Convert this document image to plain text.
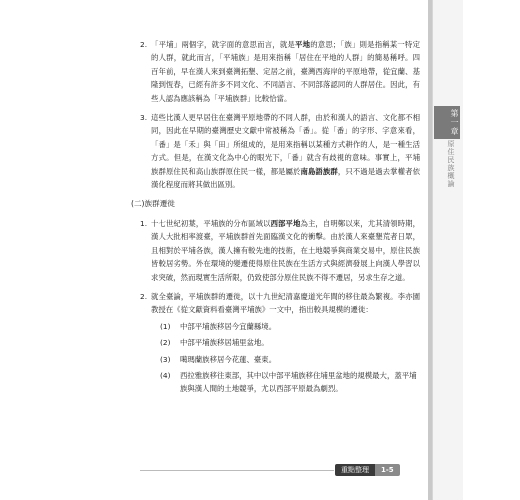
第一章
原住民族概論
2. 「平埔」兩個字，就字面的意思而言，就是平地的意思；「族」則是指稱某一特定的人群，就此而言，「平埔族」是用來指稱「居住在平地的人群」的簡易稱呼。四百年前，早在漢人來到臺灣拓墾、定居之前，臺灣西海岸的平原地帶，從宜蘭、基隆到恆春，已經有許多不同文化、不同語言、不同部落認同的人群居住。因此，有些人認為應該稱為「平埔族群」比較恰當。

3. 這些比漢人更早居住在臺灣平原地帶的不同人群，由於和漢人的語言、文化都不相同，因此在早期的臺灣歷史文獻中常被稱為「番」。從「番」的字形、字意來看，「番」是「禾」與「田」所組成的，是用來指稱以某種方式耕作的人，是一種生活方式。但是，在漢文化為中心的眼光下，「番」就含有歧視的意味。事實上，平埔族群原住民和高山族群原住民一樣，都是屬於南島語族群，只不過是過去掌權者依漢化程度而將其做出區別。

(二)族群遷徙
1. 十七世紀初葉，平埔族的分布區域以西部平地為主，自明鄭以來，尤其清領時期，漢人大批相率渡臺，平埔族群首先面臨漢文化的衝擊。由於漢人來臺墾荒者日眾，且相對於平埔各族，漢人擁有較先進的技術，在土地競爭與商業交易中，原住民族皆較居劣勢。外在環境的變遷使得原住民族在生活方式與經濟發展上向漢人學習以求突破，然而現實生活所限，仍致使部分原住民族不得不遷居，另求生存之道。

2. 就全臺論，平埔族群的遷徙，以十九世紀清嘉慶道光年間的移住最為繁複。李亦園教授在《從文獻資料看臺灣平埔族》一文中，指出較具規模的遷徙：

(1)	中部平埔族移居今宜蘭縣境。

(2)	中部平埔族移居埔里盆地。

(3)	噶瑪蘭族移居今花蓮、臺東。

(4)	西拉雅族移往東部，其中以中部平埔族移住埔里盆地的規模最大，蓋平埔族與漢人間的土地競爭，尤以西部平原最為劇烈。

重點整理	1-5
